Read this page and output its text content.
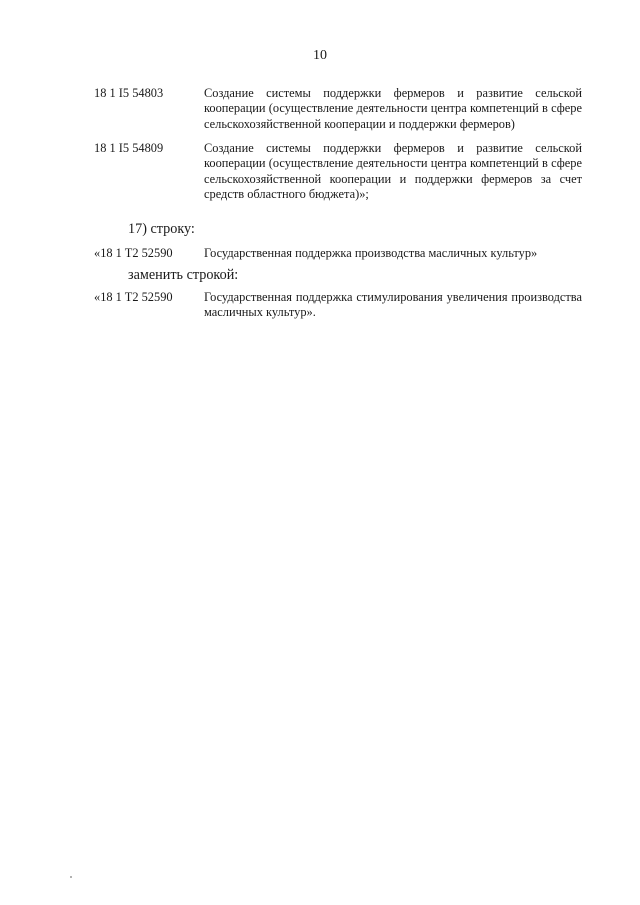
10
18 1 I5 54803	Создание системы поддержки фермеров и развитие сельской кооперации (осуществление деятельности центра компетенций в сфере сельскохозяйственной кооперации и поддержки фермеров)
18 1 I5 54809	Создание системы поддержки фермеров и развитие сельской кооперации (осуществление деятельности центра компетенций в сфере сельскохозяйственной кооперации и поддержки фермеров за счет средств областного бюджета)»;
17) строку:
«18 1 T2 52590	Государственная поддержка производства масличных культур»
заменить строкой:
«18 1 T2 52590	Государственная поддержка стимулирования увеличения производства масличных культур».
